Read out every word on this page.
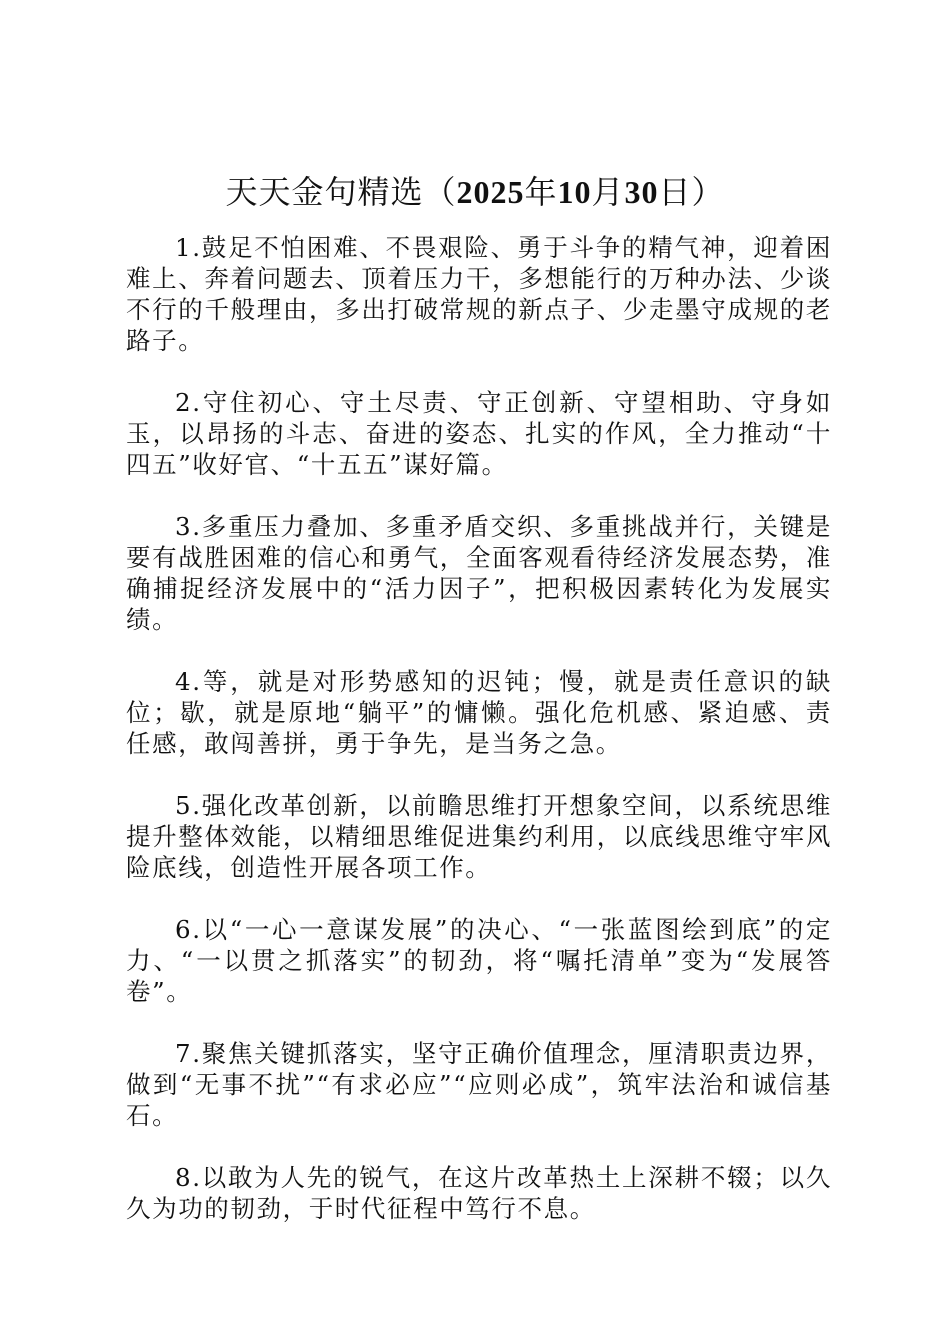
天天金句精选（2025年10月30日）

1.鼓足不怕困难、不畏艰险、勇于斗争的精气神，迎着困难上、奔着问题去、顶着压力干，多想能行的万种办法、少谈不行的千般理由，多出打破常规的新点子、少走墨守成规的老路子。

2.守住初心、守土尽责、守正创新、守望相助、守身如玉，以昂扬的斗志、奋进的姿态、扎实的作风，全力推动“十四五”收好官、“十五五”谋好篇。

3.多重压力叠加、多重矛盾交织、多重挑战并行，关键是要有战胜困难的信心和勇气，全面客观看待经济发展态势，准确捕捉经济发展中的“活力因子”，把积极因素转化为发展实绩。

4.等，就是对形势感知的迟钝；慢，就是责任意识的缺位；歇，就是原地“躺平”的慵懒。强化危机感、紧迫感、责任感，敢闯善拼，勇于争先，是当务之急。

5.强化改革创新，以前瞻思维打开想象空间，以系统思维提升整体效能，以精细思维促进集约利用，以底线思维守牢风险底线，创造性开展各项工作。

6.以“一心一意谋发展”的决心、“一张蓝图绘到底”的定力、“一以贯之抓落实”的韧劲，将“嘱托清单”变为“发展答卷”。

7.聚焦关键抓落实，坚守正确价值理念，厘清职责边界，做到“无事不扰”“有求必应”“应则必成”，筑牢法治和诚信基石。

8.以敢为人先的锐气，在这片改革热土上深耕不辍；以久久为功的韧劲，于时代征程中笃行不息。
